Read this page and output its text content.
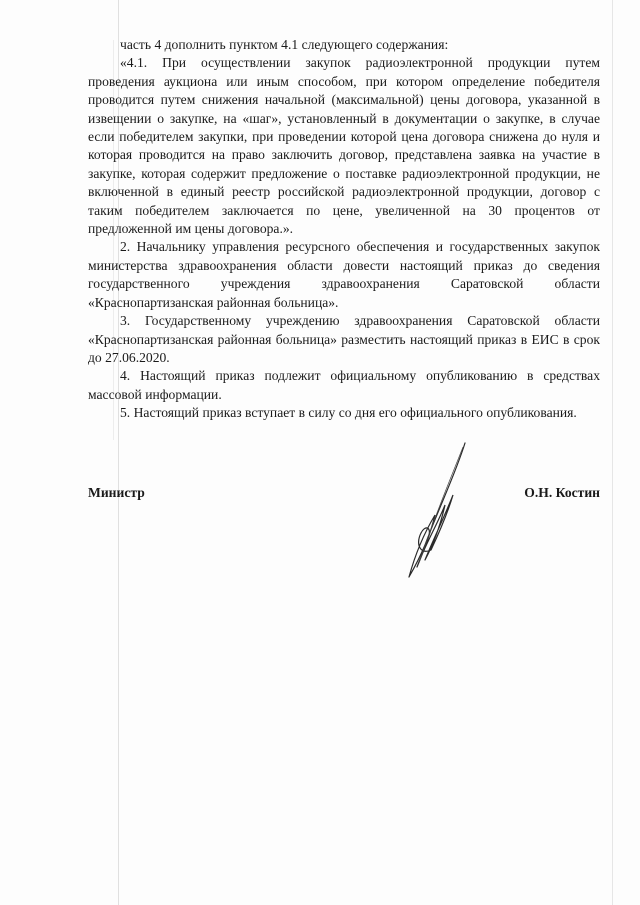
часть 4 дополнить пунктом 4.1 следующего содержания:

«4.1. При осуществлении закупок радиоэлектронной продукции путем проведения аукциона или иным способом, при котором определение победителя проводится путем снижения начальной (максимальной) цены договора, указанной в извещении о закупке, на «шаг», установленный в документации о закупке, в случае если победителем закупки, при проведении которой цена договора снижена до нуля и которая проводится на право заключить договор, представлена заявка на участие в закупке, которая содержит предложение о поставке радиоэлектронной продукции, не включенной в единый реестр российской радиоэлектронной продукции, договор с таким победителем заключается по цене, увеличенной на 30 процентов от предложенной им цены договора.».

2. Начальнику управления ресурсного обеспечения и государственных закупок министерства здравоохранения области довести настоящий приказ до сведения государственного учреждения здравоохранения Саратовской области «Краснопартизанская районная больница».

3. Государственному учреждению здравоохранения Саратовской области «Краснопартизанская районная больница» разместить настоящий приказ в ЕИС в срок до 27.06.2020.

4. Настоящий приказ подлежит официальному опубликованию в средствах массовой информации.

5. Настоящий приказ вступает в силу со дня его официального опубликования.

Министр	О.Н. Костин
